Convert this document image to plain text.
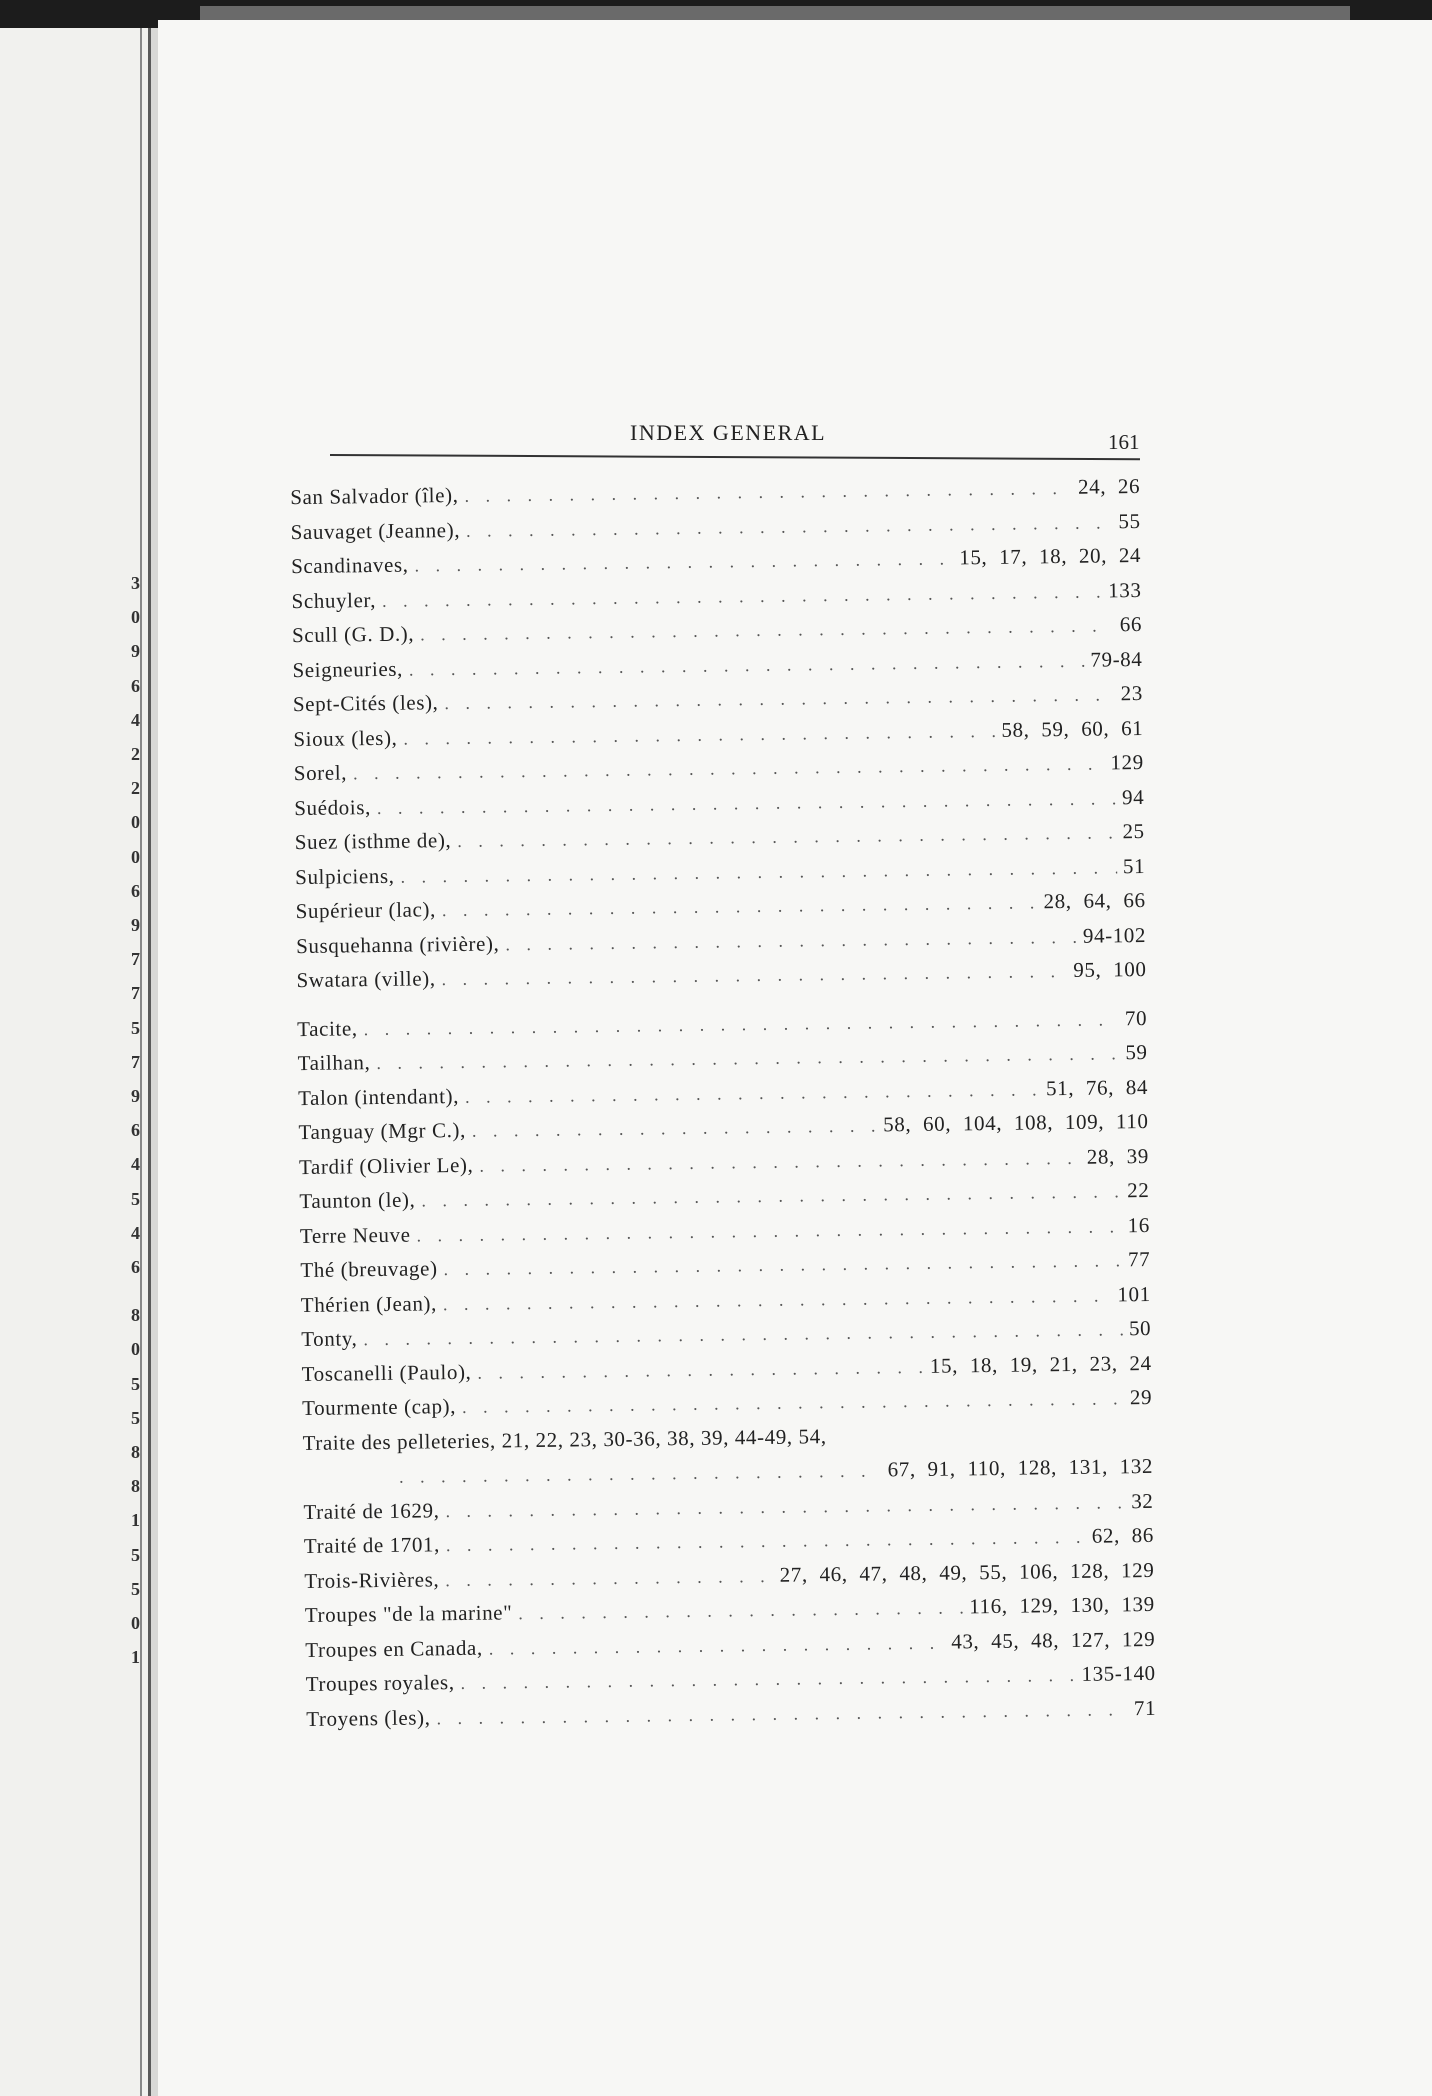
3
0
9
6
4
2
2
0
0
6
9
7
7
5
7
9
6
4
5
4
6
8
0
5
5
8
8
1
5
5
0
1
INDEX GENERAL	161
San Salvador (île), . . .	24, 26
Sauvaget (Jeanne), . . .	55
Scandinaves, . . .	15, 17, 18, 20, 24
Schuyler, . . .	133
Scull (G. D.), . . .	66
Seigneuries, . . .	79-84
Sept-Cités (les), . . .	23
Sioux (les), . . .	58, 59, 60, 61
Sorel, . . .	129
Suédois, . . .	94
Suez (isthme de), . . .	25
Sulpiciens, . . .	51
Supérieur (lac), . . .	28, 64, 66
Susquehanna (rivière), . . .	94-102
Swatara (ville), . . .	95, 100
Tacite, . . .	70
Tailhan, . . .	59
Talon (intendant), . . .	51, 76, 84
Tanguay (Mgr C.), . . .	58, 60, 104, 108, 109, 110
Tardif (Olivier Le), . . .	28, 39
Taunton (le), . . .	22
Terre Neuve . . .	16
Thé (breuvage) . . .	77
Thérien (Jean), . . .	101
Tonty, . . .	50
Toscanelli (Paulo), . . .	15, 18, 19, 21, 23, 24
Tourmente (cap), . . .	29
Traite des pelleteries, 21, 22, 23, 30-36, 38, 39, 44-49, 54,
. . .
67, 91, 110, 128, 131, 132
Traité de 1629, . . .	32
Traité de 1701, . . .	62, 86
Trois-Rivières, . . .	27, 46, 47, 48, 49, 55, 106, 128, 129
Troupes "de la marine" . . .	116, 129, 130, 139
Troupes en Canada, . . .	43, 45, 48, 127, 129
Troupes royales, . . .	135-140
Troyens (les), . . .	71
